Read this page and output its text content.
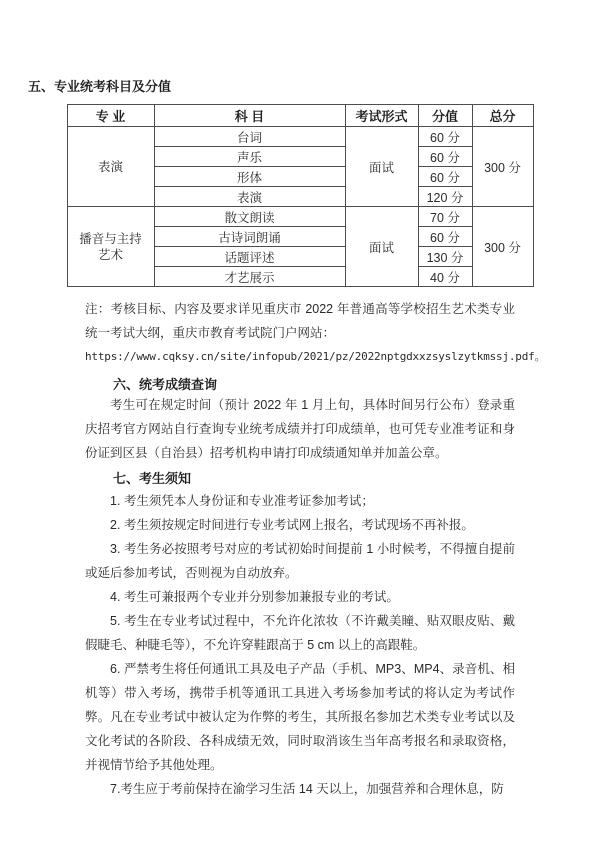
五、专业统考科目及分值
专 业	科 目	考试形式	分值	总分
表演	台词	面试	60 分	300 分
	声乐		60 分	
	形体		60 分	
	表演		120 分	
播音与主持艺术	散文朗读	面试	70 分	300 分
	古诗词朗诵		60 分	
	话题评述		130 分	
	才艺展示		40 分	

注：考核目标、内容及要求详见重庆市 2022 年普通高等学校招生艺术类专业统一考试大纲，重庆市教育考试院门户网站：

https://www.cqksy.cn/site/infopub/2021/pz/2022nptgdxxzsyslzytkmssj.pdf。

六、统考成绩查询

考生可在规定时间（预计 2022 年 1 月上旬，具体时间另行公布）登录重庆招考官方网站自行查询专业统考成绩并打印成绩单，也可凭专业准考证和身份证到区县（自治县）招考机构申请打印成绩通知单并加盖公章。

七、考生须知

1. 考生须凭本人身份证和专业准考证参加考试；

2. 考生须按规定时间进行专业考试网上报名，考试现场不再补报。

3. 考生务必按照考号对应的考试初始时间提前 1 小时候考，不得擅自提前或延后参加考试，否则视为自动放弃。

4. 考生可兼报两个专业并分别参加兼报专业的考试。

5. 考生在专业考试过程中，不允许化浓妆（不许戴美瞳、贴双眼皮贴、戴假睫毛、种睫毛等），不允许穿鞋跟高于 5 cm 以上的高跟鞋。

6. 严禁考生将任何通讯工具及电子产品（手机、MP3、MP4、录音机、相机等）带入考场，携带手机等通讯工具进入考场参加考试的将认定为考试作弊。凡在专业考试中被认定为作弊的考生，其所报名参加艺术类专业考试以及文化考试的各阶段、各科成绩无效，同时取消该生当年高考报名和录取资格，并视情节给予其他处理。

7.考生应于考前保持在渝学习生活 14 天以上，加强营养和合理休息，防
